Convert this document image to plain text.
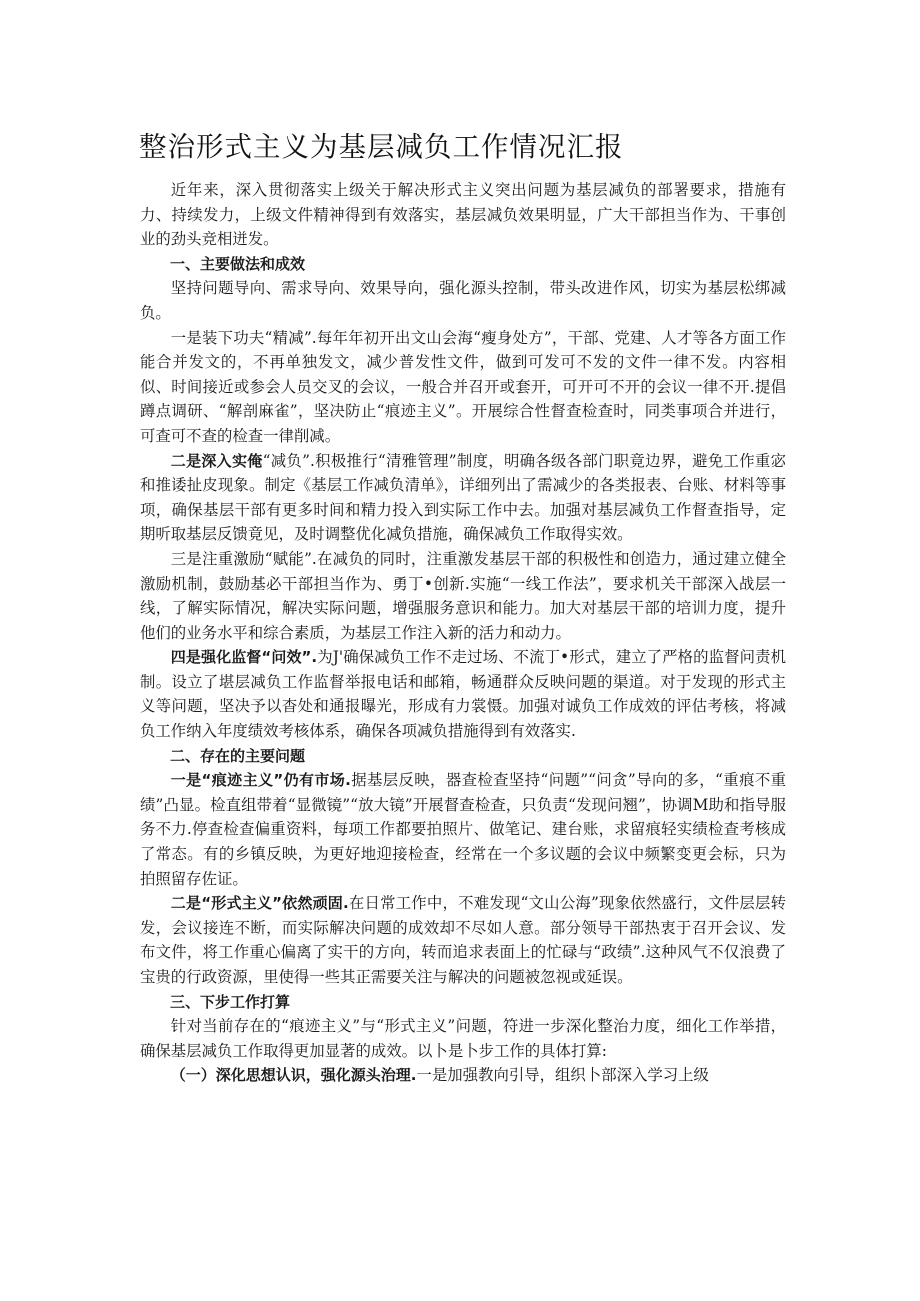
整治形式主义为基层减负工作情况汇报

近年来，深入贯彻落实上级关于解决形式主义突出问题为基层减负的部署要求，措施有力、持续发力，上级文件精神得到有效落实，基层减负效果明显，广大干部担当作为、干事创业的劲头竞相迸发。

一、主要做法和成效

坚持问题导向、需求导向、效果导向，强化源头控制，带头改进作风，切实为基层松绑减负。

一是装下功夫“精减”.每年年初开出文山会海“瘦身处方”，干部、党建、人才等各方面工作能合并发文的，不再单独发文，减少普发性文件，做到可发可不发的文件一律不发。内容相似、时间接近或参会人员交叉的会议，一般合并召开或套开，可开可不开的会议一律不开.提倡蹲点调研、“解剖麻雀”，坚决防止“痕迹主义”。开展综合性督查检查时，同类事项合并进行，可查可不查的检查一律削减。

二是深入实俺“减负”.积极推行“清雅管理”制度，明确各级各部门职竟边界，避免工作重宓和推诿扯皮现象。制定《基层工作减负清单》，详细列出了需减少的各类报表、台账、材料等事项，确保基层干部有更多时间和精力投入到实际工作中去。加强对基层减负工作督查指导，定期听取基层反馈竟见，及时调整优化减负措施，确保减负工作取得实效。

三是注重激励“赋能”.在减负的同时，注重激发基层干部的积极性和创造力，通过建立健全激励机制，鼓励基必干部担当作为、勇丁•创新.实施“一线工作法”，要求机关干部深入战层一线，了解实际情况，解决实际问题，增强服务意识和能力。加大对基层干部的培训力度，提升他们的业务水平和综合素质，为基层工作注入新的活力和动力。

四是强化监督“问效”.为J'确保减负工作不走过场、不流丁•形式，建立了严格的监督问责机制。设立了堪层减负工作监督举报电话和邮箱，畅通群众反映问题的渠道。对于发现的形式主义等问题，坚决予以杳处和通报曝光，形成有力裳慑。加强对诚负工作成效的评估考核，将减负工作纳入年度绩效考核体系，确保各项减负措施得到有效落实.

二、存在的主要问题

一是“痕迹主义”仍有市场.据基层反映，器查检查坚持“问题”“问贪”导向的多，“重痕不重绩”凸显。检直组带着“显微镜”“放大镜”开展督查检查，只负责“发现问翘”，协调M助和指导服务不力.停查检查偏重资料，每项工作都要拍照片、做笔记、建台账，求留痕轻实绩检查考核成了常态。有的乡镇反映，为更好地迎接检查，经常在一个多议题的会议中频繁变更会标，只为拍照留存佐证。

二是“形式主义”依然顽固.在日常工作中，不难发现“文山公海”现象依然盛行，文件层层转发，会议接连不断，而实际解决问题的成效却不尽如人意。部分领导干部热衷于召开会议、发布文件，将工作重心偏离了实干的方向，转而追求表面上的忙碌与“政绩”.这种风气不仅浪费了宝贵的行政资源，里使得一些其正需要关注与解决的问题被忽视或延误。

三、下步工作打算

针对当前存在的“痕迹主义”与“形式主义”问题，符进一步深化整治力度，细化工作举措，确保基层减负工作取得更加显著的成效。以卜是卜步工作的具体打算:

（一）深化思想认识，强化源头治理.一是加强教向引导，组织卜部深入学习上级
